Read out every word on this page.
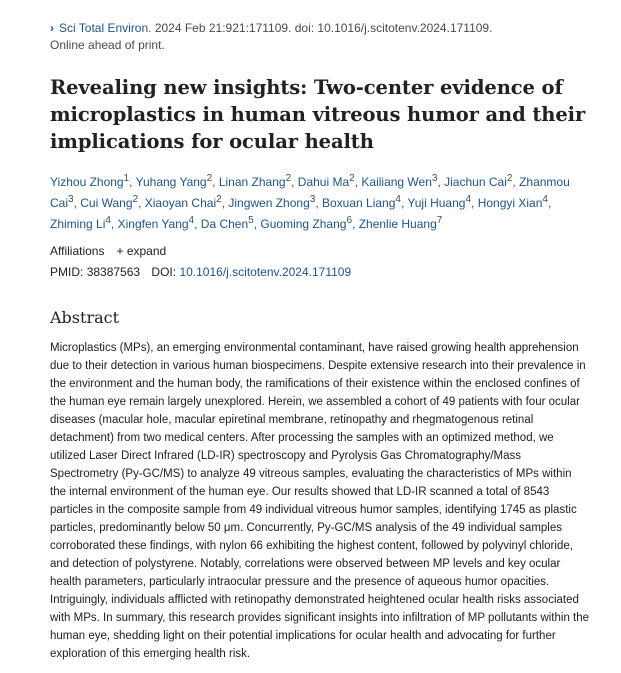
› Sci Total Environ. 2024 Feb 21:921:171109. doi: 10.1016/j.scitotenv.2024.171109.
Online ahead of print.
Revealing new insights: Two-center evidence of microplastics in human vitreous humor and their implications for ocular health
Yizhou Zhong$^1$, Yuhang Yang$^2$, Linan Zhang$^2$, Dahui Ma$^2$, Kailiang Wen$^3$, Jiachun Cai$^2$, Zhanmou Cai$^3$, Cui Wang$^2$, Xiaoyan Chai$^2$, Jingwen Zhong$^3$, Boxuan Liang$^4$, Yuji Huang$^4$, Hongyi Xian$^4$, Zhiming Li$^4$, Xingfen Yang$^4$, Da Chen$^5$, Guoming Zhang$^6$, Zhenlie Huang$^7$
Affiliations + expand
PMID: 38387563 DOI: 10.1016/j.scitotenv.2024.171109
Abstract
Microplastics (MPs), an emerging environmental contaminant, have raised growing health apprehension due to their detection in various human biospecimens. Despite extensive research into their prevalence in the environment and the human body, the ramifications of their existence within the enclosed confines of the human eye remain largely unexplored. Herein, we assembled a cohort of 49 patients with four ocular diseases (macular hole, macular epiretinal membrane, retinopathy and rhegmatogenous retinal detachment) from two medical centers. After processing the samples with an optimized method, we utilized Laser Direct Infrared (LD-IR) spectroscopy and Pyrolysis Gas Chromatography/Mass Spectrometry (Py-GC/MS) to analyze 49 vitreous samples, evaluating the characteristics of MPs within the internal environment of the human eye. Our results showed that LD-IR scanned a total of 8543 particles in the composite sample from 49 individual vitreous humor samples, identifying 1745 as plastic particles, predominantly below 50 μm. Concurrently, Py-GC/MS analysis of the 49 individual samples corroborated these findings, with nylon 66 exhibiting the highest content, followed by polyvinyl chloride, and detection of polystyrene. Notably, correlations were observed between MP levels and key ocular health parameters, particularly intraocular pressure and the presence of aqueous humor opacities. Intriguingly, individuals afflicted with retinopathy demonstrated heightened ocular health risks associated with MPs. In summary, this research provides significant insights into infiltration of MP pollutants within the human eye, shedding light on their potential implications for ocular health and advocating for further exploration of this emerging health risk.
